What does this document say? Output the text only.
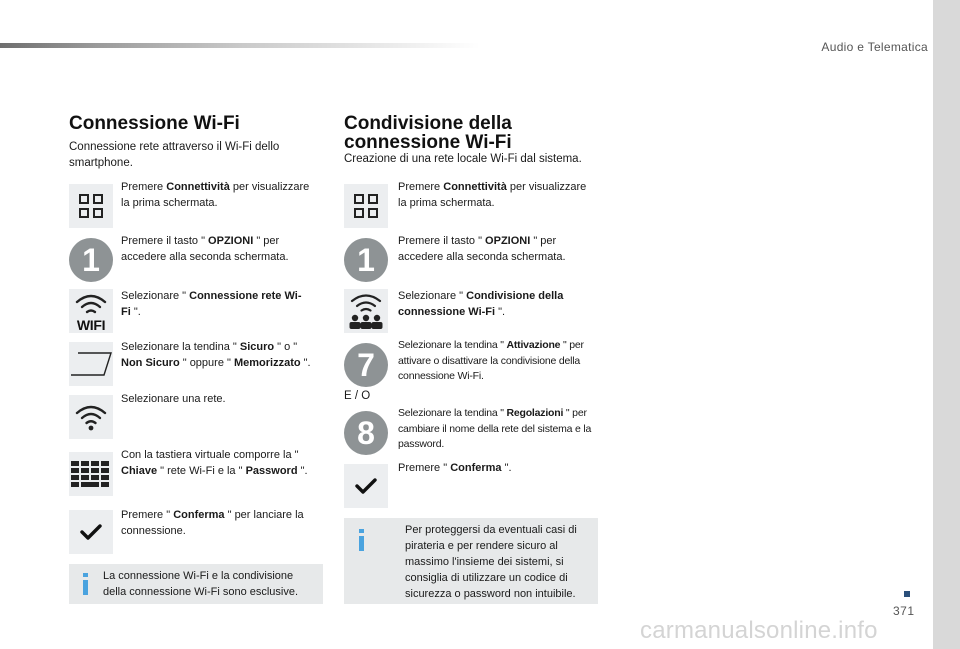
Audio e Telematica
Connessione Wi-Fi
Connessione rete attraverso il Wi-Fi dello smartphone.
Premere Connettività per visualizzare la prima schermata.
1
Premere il tasto " OPZIONI " per accedere alla seconda schermata.
WIFI
Selezionare " Connessione rete Wi-Fi ".
Selezionare la tendina " Sicuro " o " Non Sicuro " oppure " Memorizzato ".
Selezionare una rete.
Con la tastiera virtuale comporre la " Chiave " rete Wi-Fi e la " Password ".
Premere " Conferma " per lanciare la connessione.
La connessione Wi-Fi e la condivisione della connessione Wi-Fi sono esclusive.
Condivisione della
connessione Wi-Fi
Creazione di una rete locale Wi-Fi dal sistema.
Premere Connettività per visualizzare la prima schermata.
1
Premere il tasto " OPZIONI " per accedere alla seconda schermata.
Selezionare " Condivisione della connessione Wi-Fi ".
7
Selezionare la tendina " Attivazione " per attivare o disattivare la condivisione della connessione Wi-Fi.
E / O
8
Selezionare la tendina " Regolazioni " per cambiare il nome della rete del sistema e la password.
Premere " Conferma ".
Per proteggersi da eventuali casi di pirateria e per rendere sicuro al massimo l'insieme dei sistemi, si consiglia di utilizzare un codice di sicurezza o password non intuibile.
371
carmanualsonline.info
